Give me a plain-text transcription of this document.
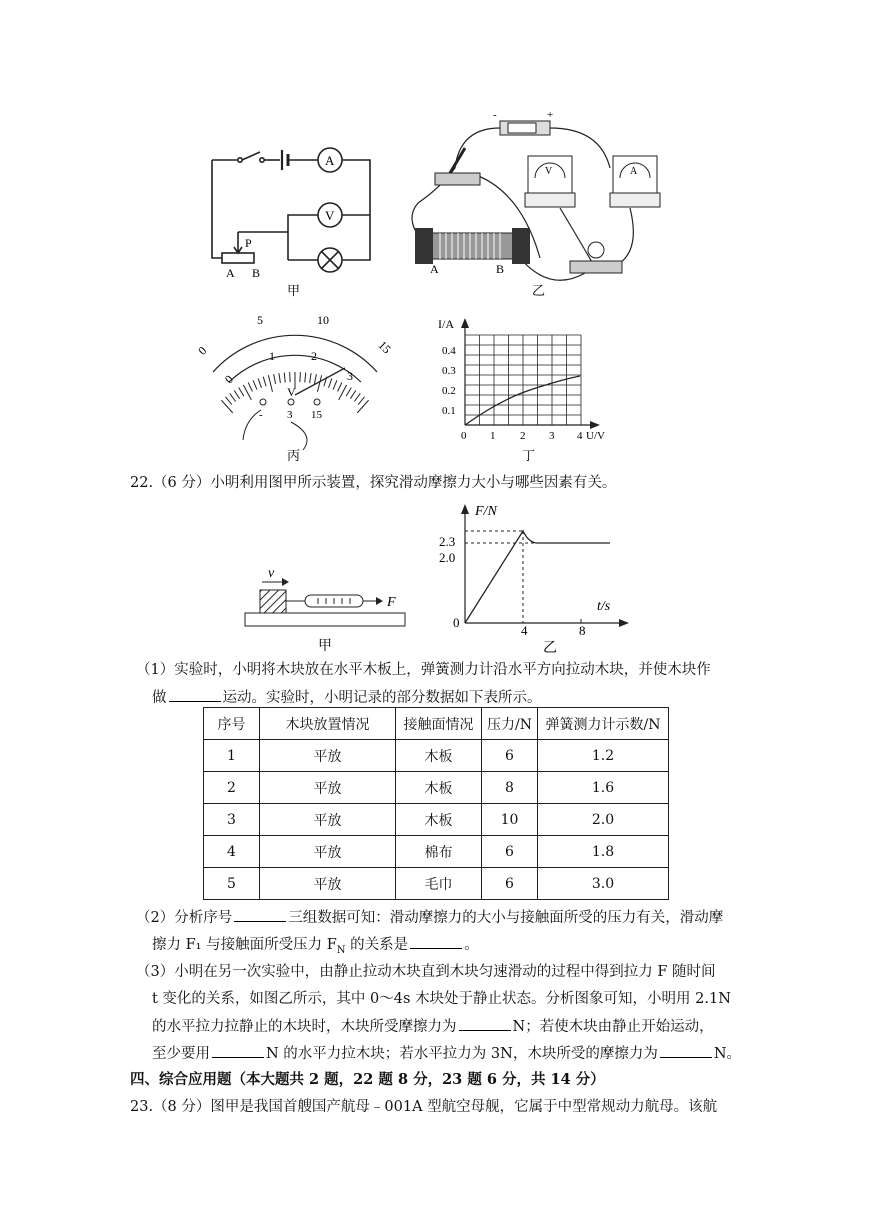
A
V
P
A B
甲
-	+
V	A
A	B
乙
0
5	10
15
0
1	2
3
V
- 3 15
丙
I/A
0.4
0.3
0.2
0.1
0 1 2 3 4 U/V
丁
22.（6 分）小明利用图甲所示装置，探究滑动摩擦力大小与哪些因素有关。
F
v
甲
F/N
2.3
2.0
0
4	8
t/s
乙
（1）实验时，小明将木块放在水平木板上，弹簧测力计沿水平方向拉动木块，并使木块作
做	运动。实验时，小明记录的部分数据如下表所示。
序号	木块放置情况	接触面情况	压力/N	弹簧测力计示数/N
1	平放	木板	6	1.2
2	平放	木板	8	1.6
3	平放	木板	10	2.0
4	平放	棉布	6	1.8
5	平放	毛巾	6	3.0
（2）分析序号	三组数据可知：滑动摩擦力的大小与接触面所受的压力有关，滑动摩
擦力 F₁ 与接触面所受压力 $F_N$ 的关系是	。
（3）小明在另一次实验中，由静止拉动木块直到木块匀速滑动的过程中得到拉力 F 随时间
t 变化的关系，如图乙所示，其中 0～4s 木块处于静止状态。分析图象可知，小明用 2.1N
的水平拉力拉静止的木块时，木块所受摩擦力为	N；若使木块由静止开始运动，
至少要用	N 的水平力拉木块；若水平拉力为 3N，木块所受的摩擦力为	N。
四、综合应用题（本大题共 2 题，22 题 8 分，23 题 6 分，共 14 分）
23.（8 分）图甲是我国首艘国产航母﹣001A 型航空母舰，它属于中型常规动力航母。该航
